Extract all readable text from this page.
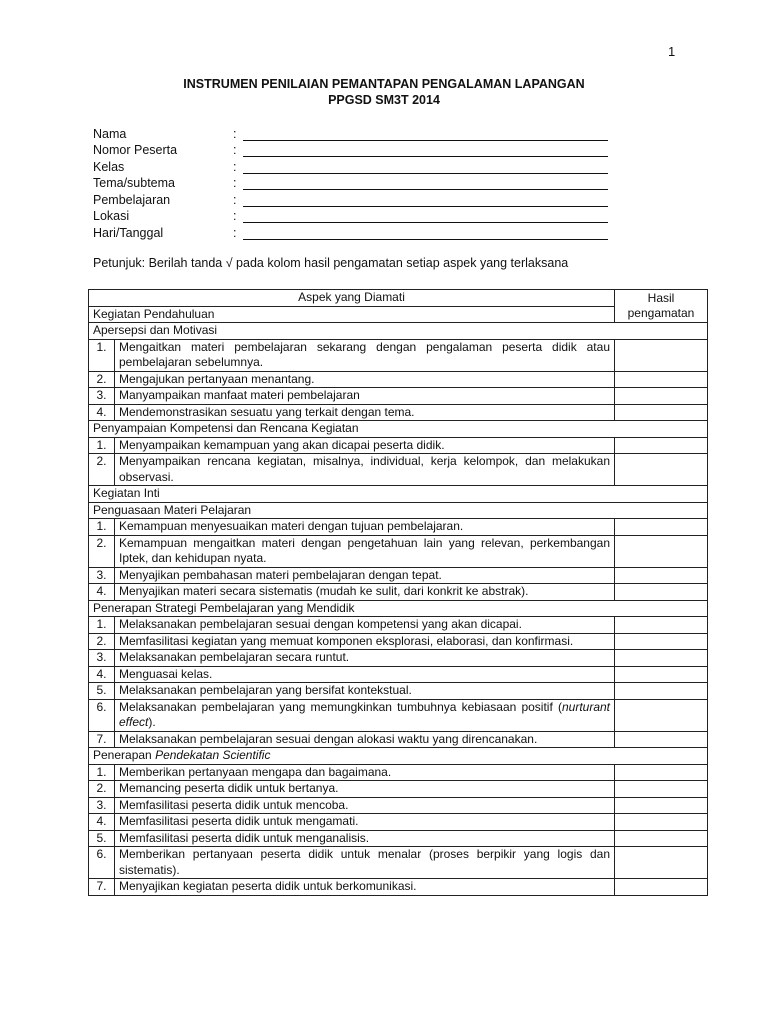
1
INSTRUMEN PENILAIAN PEMANTAPAN PENGALAMAN LAPANGAN
PPGSD SM3T 2014
Nama	:
Nomor Peserta	:
Kelas	:
Tema/subtema	:
Pembelajaran	:
Lokasi	:
Hari/Tanggal	:
Petunjuk: Berilah tanda √ pada kolom hasil pengamatan setiap aspek yang terlaksana
Aspek yang Diamati		Hasil pengamatan
Kegiatan Pendahuluan		
Apersepsi dan Motivasi		
1.	Mengaitkan materi pembelajaran sekarang dengan pengalaman peserta didik atau pembelajaran sebelumnya.	
2.	Mengajukan pertanyaan menantang.	
3.	Manyampaikan manfaat materi pembelajaran	
4.	Mendemonstrasikan sesuatu yang terkait dengan tema.	
Penyampaian Kompetensi dan Rencana Kegiatan		
1.	Menyampaikan kemampuan yang akan dicapai peserta didik.	
2.	Menyampaikan rencana kegiatan, misalnya, individual, kerja kelompok, dan melakukan observasi.	
Kegiatan Inti		
Penguasaan Materi Pelajaran		
1.	Kemampuan menyesuaikan materi dengan tujuan pembelajaran.	
2.	Kemampuan mengaitkan materi dengan pengetahuan lain yang relevan, perkembangan Iptek, dan kehidupan nyata.	
3.	Menyajikan pembahasan materi pembelajaran dengan tepat.	
4.	Menyajikan materi secara sistematis (mudah ke sulit, dari konkrit ke abstrak).	
Penerapan Strategi Pembelajaran yang Mendidik		
1.	Melaksanakan pembelajaran sesuai dengan kompetensi yang akan dicapai.	
2.	Memfasilitasi kegiatan yang memuat komponen eksplorasi, elaborasi, dan konfirmasi.	
3.	Melaksanakan pembelajaran secara runtut.	
4.	Menguasai kelas.	
5.	Melaksanakan pembelajaran yang bersifat kontekstual.	
6.	Melaksanakan pembelajaran yang memungkinkan tumbuhnya kebiasaan positif (nurturant effect).	
7.	Melaksanakan pembelajaran sesuai dengan alokasi waktu yang direncanakan.	
Penerapan Pendekatan Scientific		
1.	Memberikan pertanyaan mengapa dan bagaimana.	
2.	Memancing peserta didik untuk bertanya.	
3.	Memfasilitasi peserta didik untuk mencoba.	
4.	Memfasilitasi peserta didik untuk mengamati.	
5.	Memfasilitasi peserta didik untuk menganalisis.	
6.	Memberikan pertanyaan peserta didik untuk menalar (proses berpikir yang logis dan sistematis).	
7.	Menyajikan kegiatan peserta didik untuk berkomunikasi.	
